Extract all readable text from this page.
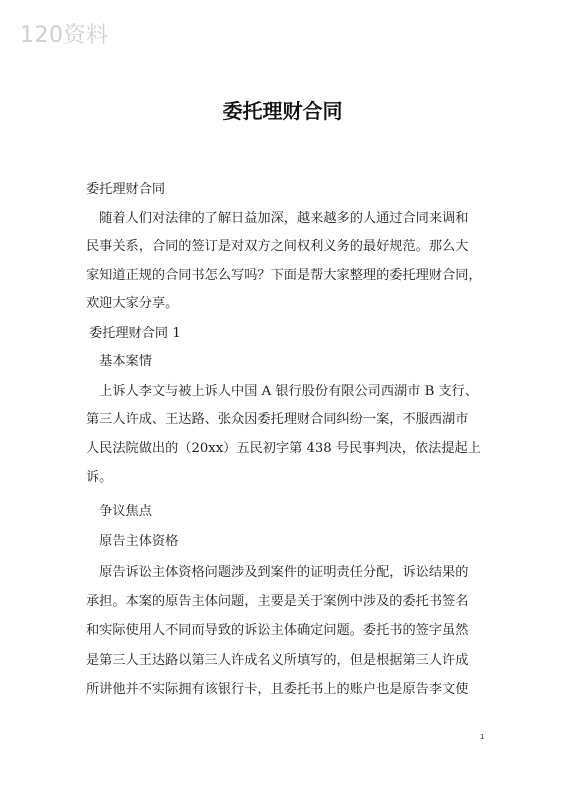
120资料
委托理财合同
委托理财合同
　随着人们对法律的了解日益加深，越来越多的人通过合同来调和
民事关系，合同的签订是对双方之间权利义务的最好规范。那么大
家知道正规的合同书怎么写吗？下面是帮大家整理的委托理财合同，
欢迎大家分享。
委托理财合同 1
　基本案情
　上诉人李文与被上诉人中国 A 银行股份有限公司西湖市 B 支行、
第三人许成、王达路、张众因委托理财合同纠纷一案，不服西湖市
人民法院做出的（20xx）五民初字第 438 号民事判决，依法提起上
诉。
　争议焦点
　原告主体资格
　原告诉讼主体资格问题涉及到案件的证明责任分配，诉讼结果的
承担。本案的原告主体问题，主要是关于案例中涉及的委托书签名
和实际使用人不同而导致的诉讼主体确定问题。委托书的签字虽然
是第三人王达路以第三人许成名义所填写的，但是根据第三人许成
所讲他并不实际拥有该银行卡，且委托书上的账户也是原告李文使
1
